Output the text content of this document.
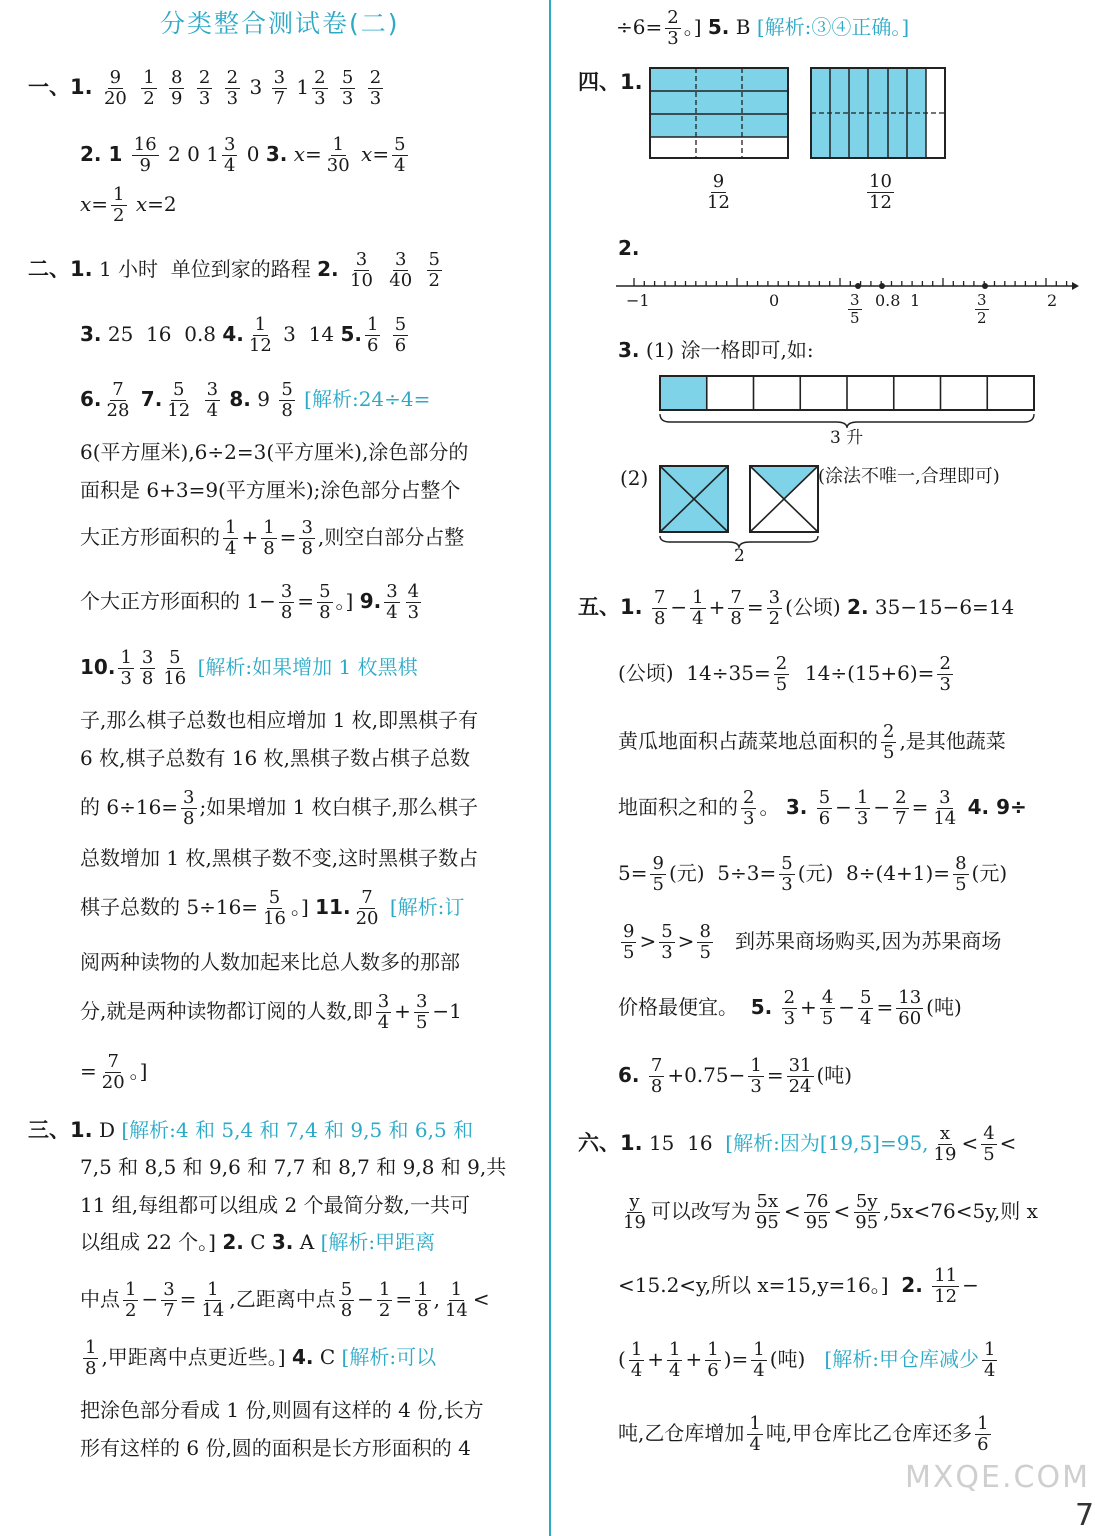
分类整合测试卷(二)
一、1. $\frac{9}{20}$
$\frac{1}{2}$
$\frac{8}{9}$
$\frac{2}{3}$
$\frac{2}{3} 3 \frac{3}{7} 1 \frac{2}{3}$
$\frac{5}{3}$
$\frac{2}{3}$
2. $1 \frac{16}{9} 2$ 0 $1 \frac{3}{4} 0$ 3. $x= \frac{1}{30} x= \frac{5}{4}$
$x= \frac{1}{2} x=2$
二、1. 1 小时 单位到家的路程 2. $\frac{3}{10}$
$\frac{3}{40}$
$\frac{5}{2}$
3. 25 16 0.8 4. $\frac{1}{12} 3$ 14 5. $\frac{1}{6}$
$\frac{5}{6}$
6. $\frac{7}{28} 7$. $\frac{5}{12}$
$\frac{3}{4} 8$. $9 \frac{5}{8}$ [解析:24÷4=
6(平方厘米),6÷2=3(平方厘米),涂色部分的
面积是 6+3=9(平方厘米);涂色部分占整个
大正方形面积的 $\frac{1}{4} + \frac{1}{8} = \frac{3}{8}$ ,则空白部分占整
个大正方形面积的 $1- \frac{3}{8} = \frac{5}{8}$ 。] 9. $\frac{3}{4} \frac{4}{3}$
10. $\frac{1}{3} \frac{3}{8} \frac{5}{16}$ [解析:如果增加 1 枚黑棋
子,那么棋子总数也相应增加 1 枚,即黑棋子有
6 枚,棋子总数有 16 枚,黑棋子数占棋子总数
的 $6\div 16= \frac{3}{8}$ ;如果增加 1 枚白棋子,那么棋子
总数增加 1 枚,黑棋子数不变,这时黑棋子数占
棋子总数的 $5\div 16= \frac{5}{16}$ 。] 11. $\frac{7}{20}$ [解析:订
阅两种读物的人数加起来比总人数多的那部
分,就是两种读物都订阅的人数,即 $\frac{3}{4} + \frac{3}{5} -1$
= $\frac{7}{20}$ 。]
三、1. D [解析:4 和 5,4 和 7,4 和 9,5 和 6,5 和
7,5 和 8,5 和 9,6 和 7,7 和 8,7 和 9,8 和 9,共
11 组,每组都可以组成 2 个最简分数,一共可
以组成 22 个。] 2. C 3. A [解析:甲距离
中点 $\frac{1}{2} - \frac{3}{7} = \frac{1}{14}$ ,乙距离中点 $\frac{5}{8} - \frac{1}{2} = \frac{1}{8}$ , $\frac{1}{14}$ <
$\frac{1}{8}$ ,甲距离中点更近些。] 4. C [解析:可以
把涂色部分看成 1 份,则圆有这样的 4 份,长方
形有这样的 6 份,圆的面积是长方形面积的 4
$\div 6= \frac{2}{3}$ 。] 5. B [解析:③④正确。]
四、1.
$\frac{9}{12}$	$\frac{10}{12}$
2.
−1	0	$\frac{3}{5} 0.8$ 1	$\frac{3}{2}$	2
3. (1) 涂一格即可,如:
3 升
(2)	(涂法不唯一,合理即可)
2
五、1. $\frac{7}{8} - \frac{1}{4} + \frac{7}{8} = \frac{3}{2}$ (公顷) 2. 35−15−6=14
(公顷) $14\div 35= \frac{2}{5} 14\div(15+6)= \frac{2}{3}$
黄瓜地面积占蔬菜地总面积的 $\frac{2}{5}$ ,是其他蔬菜
地面积之和的 $\frac{2}{3}$ 。 3. $\frac{5}{6} - \frac{1}{3} - \frac{2}{7} = \frac{3}{14} 4$. 9÷
$5= \frac{9}{5}$ (元) $5\div 3= \frac{5}{3}$ (元) $8\div(4+1)= \frac{8}{5}$ (元)
$\frac{9}{5} > \frac{5}{3} > \frac{8}{5}$ 到苏果商场购买,因为苏果商场
价格最便宜。 5. $\frac{2}{3} + \frac{4}{5} - \frac{5}{4} = \frac{13}{60}$ (吨)
6. $\frac{7}{8} +0.75- \frac{1}{3} = \frac{31}{24}$ (吨)
六、1. 15 16 [解析:因为[19,5]=95, $\frac{x}{19} < \frac{4}{5}$ <
$\frac{y}{19}$ 可以改写为 $\frac{5x}{95} < \frac{76}{95} < \frac{5y}{95} ,5x<76<5y$,则 x
<15.2<y,所以 x=15,y=16。] 2. $\frac{11}{12}$ −
( $\frac{1}{4} + \frac{1}{4} + \frac{1}{6}$ )= $\frac{1}{4}$ (吨) [解析:甲仓库减少 $\frac{1}{4}$
吨,乙仓库增加 $\frac{1}{4}$ 吨,甲仓库比乙仓库还多 $\frac{1}{6}$
MXQE.COM
7
